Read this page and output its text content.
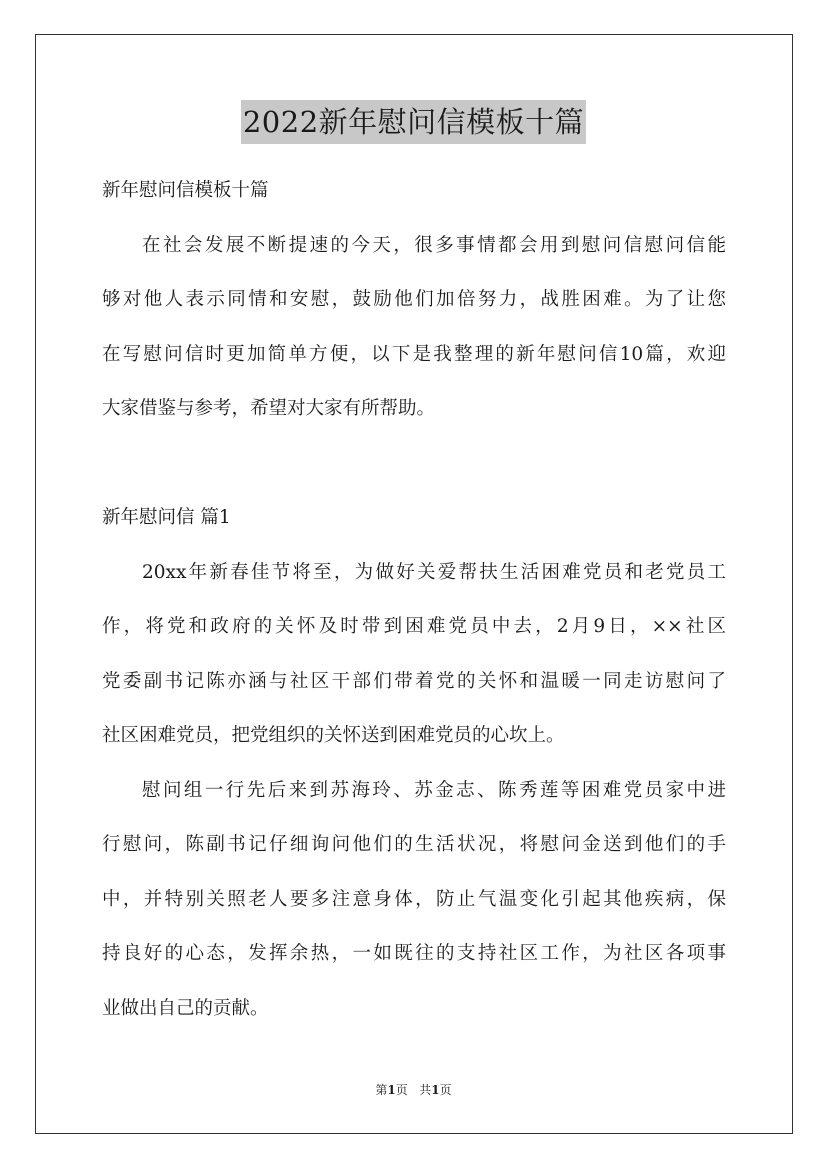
2022新年慰问信模板十篇

新年慰问信模板十篇

在社会发展不断提速的今天，很多事情都会用到慰问信慰问信能

够对他人表示同情和安慰，鼓励他们加倍努力，战胜困难。为了让您

在写慰问信时更加简单方便，以下是我整理的新年慰问信10篇，欢迎

大家借鉴与参考，希望对大家有所帮助。

新年慰问信 篇1

20xx年新春佳节将至，为做好关爱帮扶生活困难党员和老党员工

作，将党和政府的关怀及时带到困难党员中去，2月9日，××社区

党委副书记陈亦涵与社区干部们带着党的关怀和温暖一同走访慰问了

社区困难党员，把党组织的关怀送到困难党员的心坎上。

慰问组一行先后来到苏海玲、苏金志、陈秀莲等困难党员家中进

行慰问，陈副书记仔细询问他们的生活状况，将慰问金送到他们的手

中，并特别关照老人要多注意身体，防止气温变化引起其他疾病，保

持良好的心态，发挥余热，一如既往的支持社区工作，为社区各项事

业做出自己的贡献。

第1页 共1页
